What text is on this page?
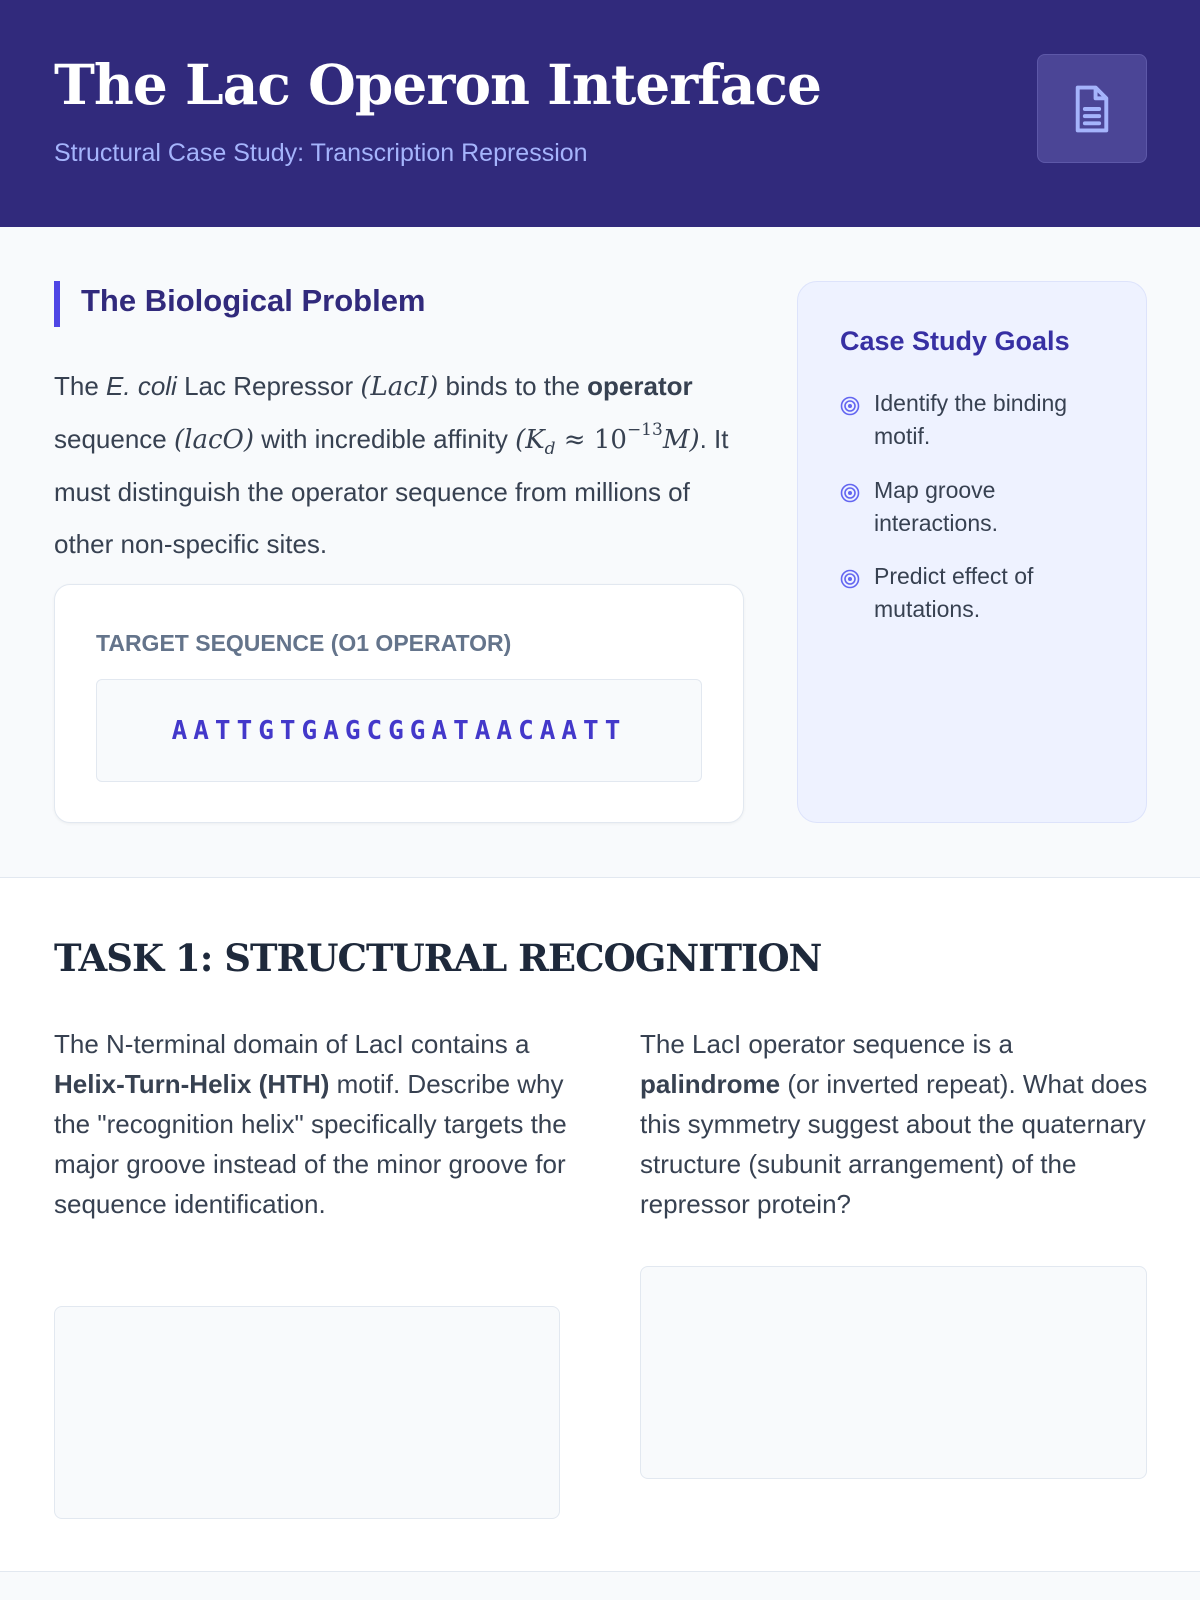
The Lac Operon Interface
Structural Case Study: Transcription Repression
The Biological Problem

The E. coli Lac Repressor (LacI) binds to the operator sequence (lacO) with incredible affinity $(K_d \approx 10^{-13}M)$. It must distinguish the operator sequence from millions of other non-specific sites.

TARGET SEQUENCE (O1 OPERATOR)
AATTGTGAGCGGATAACAATT
Case Study Goals
Identify the binding motif.
Map groove interactions.
Predict effect of mutations.
TASK 1: STRUCTURAL RECOGNITION

The N-terminal domain of LacI contains a Helix-Turn-Helix (HTH) motif. Describe why the "recognition helix" specifically targets the major groove instead of the minor groove for sequence identification.

The LacI operator sequence is a palindrome (or inverted repeat). What does this symmetry suggest about the quaternary structure (subunit arrangement) of the repressor protein?
